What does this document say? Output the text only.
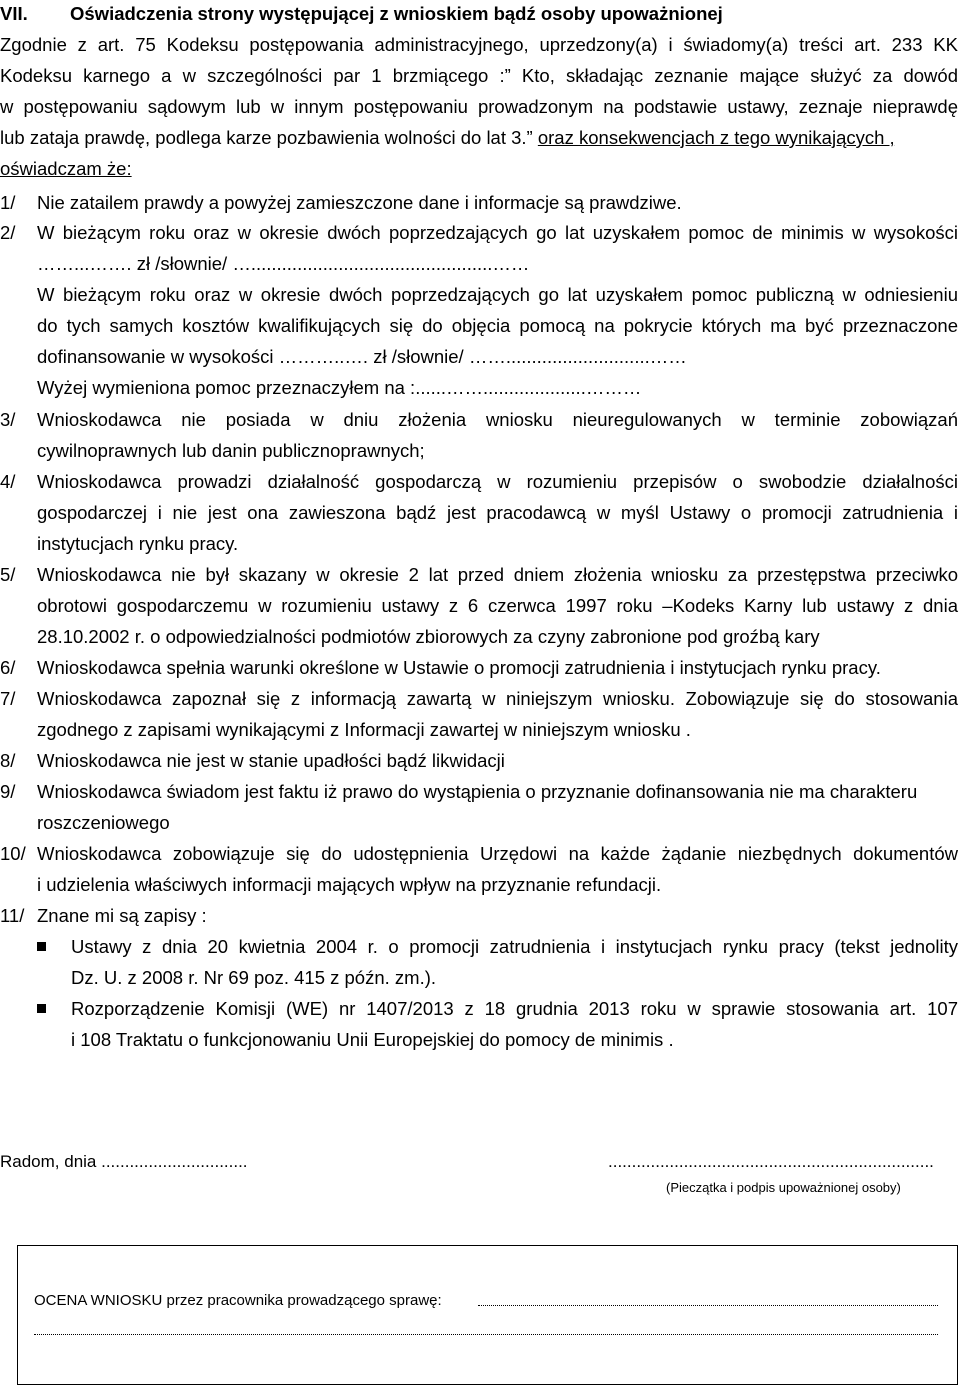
VII. Oświadczenia strony występującej z wnioskiem bądź osoby upoważnionej
Zgodnie z art. 75 Kodeksu postępowania administracyjnego, uprzedzony(a) i świadomy(a) treści art. 233 KK
Kodeksu karnego a w szczególności par 1 brzmiącego :” Kto, składając zeznanie mające służyć za dowód
w postępowaniu sądowym lub w innym postępowaniu prowadzonym na podstawie ustawy, zeznaje nieprawdę
lub zataja prawdę, podlega karze pozbawienia wolności do lat 3.” oraz konsekwencjach z tego wynikających ,
oświadczam że:
1/ Nie zatailem prawdy a powyżej zamieszczone dane i informacje są prawdziwe.
2/ W bieżącym roku oraz w okresie dwóch poprzedzających go lat uzyskałem pomoc de minimis w wysokości
……...……. zł /słownie/ …...............................................……
W bieżącym roku oraz w okresie dwóch poprzedzających go lat uzyskałem pomoc publiczną w odniesieniu
do tych samych kosztów kwalifikujących się do objęcia pomocą na pokrycie których ma być przeznaczone
dofinansowanie w wysokości ………..…. zł /słownie/ ……............................……
Wyżej wymieniona pomoc przeznaczyłem na :......……....................………
3/ Wnioskodawca nie posiada w dniu złożenia wniosku nieuregulowanych w terminie zobowiązań
cywilnoprawnych lub danin publicznoprawnych;
4/ Wnioskodawca prowadzi działalność gospodarczą w rozumieniu przepisów o swobodzie działalności
gospodarczej i nie jest ona zawieszona bądź jest pracodawcą w myśl Ustawy o promocji zatrudnienia i
instytucjach rynku pracy.
5/ Wnioskodawca nie był skazany w okresie 2 lat przed dniem złożenia wniosku za przestępstwa przeciwko
obrotowi gospodarczemu w rozumieniu ustawy z 6 czerwca 1997 roku –Kodeks Karny lub ustawy z dnia
28.10.2002 r. o odpowiedzialności podmiotów zbiorowych za czyny zabronione pod groźbą kary
6/ Wnioskodawca spełnia warunki określone w Ustawie o promocji zatrudnienia i instytucjach rynku pracy.
7/ Wnioskodawca zapoznał się z informacją zawartą w niniejszym wniosku. Zobowiązuje się do stosowania
zgodnego z zapisami wynikającymi z Informacji zawartej w niniejszym wniosku .
8/ Wnioskodawca nie jest w stanie upadłości bądź likwidacji
9/ Wnioskodawca świadom jest faktu iż prawo do wystąpienia o przyznanie dofinansowania nie ma charakteru
roszczeniowego
10/ Wnioskodawca zobowiązuje się do udostępnienia Urzędowi na każde żądanie niezbędnych dokumentów
i udzielenia właściwych informacji mających wpływ na przyznanie refundacji.
11/ Znane mi są zapisy :
Ustawy z dnia 20 kwietnia 2004 r. o promocji zatrudnienia i instytucjach rynku pracy (tekst jednolity
Dz. U. z 2008 r. Nr 69 poz. 415 z późn. zm.).
Rozporządzenie Komisji (WE) nr 1407/2013 z 18 grudnia 2013 roku w sprawie stosowania art. 107
i 108 Traktatu o funkcjonowaniu Unii Europejskiej do pomocy de minimis .
Radom, dnia ...............................	.....................................................................
(Pieczątka i podpis upoważnionej osoby)
OCENA WNIOSKU przez pracownika prowadzącego sprawę:
